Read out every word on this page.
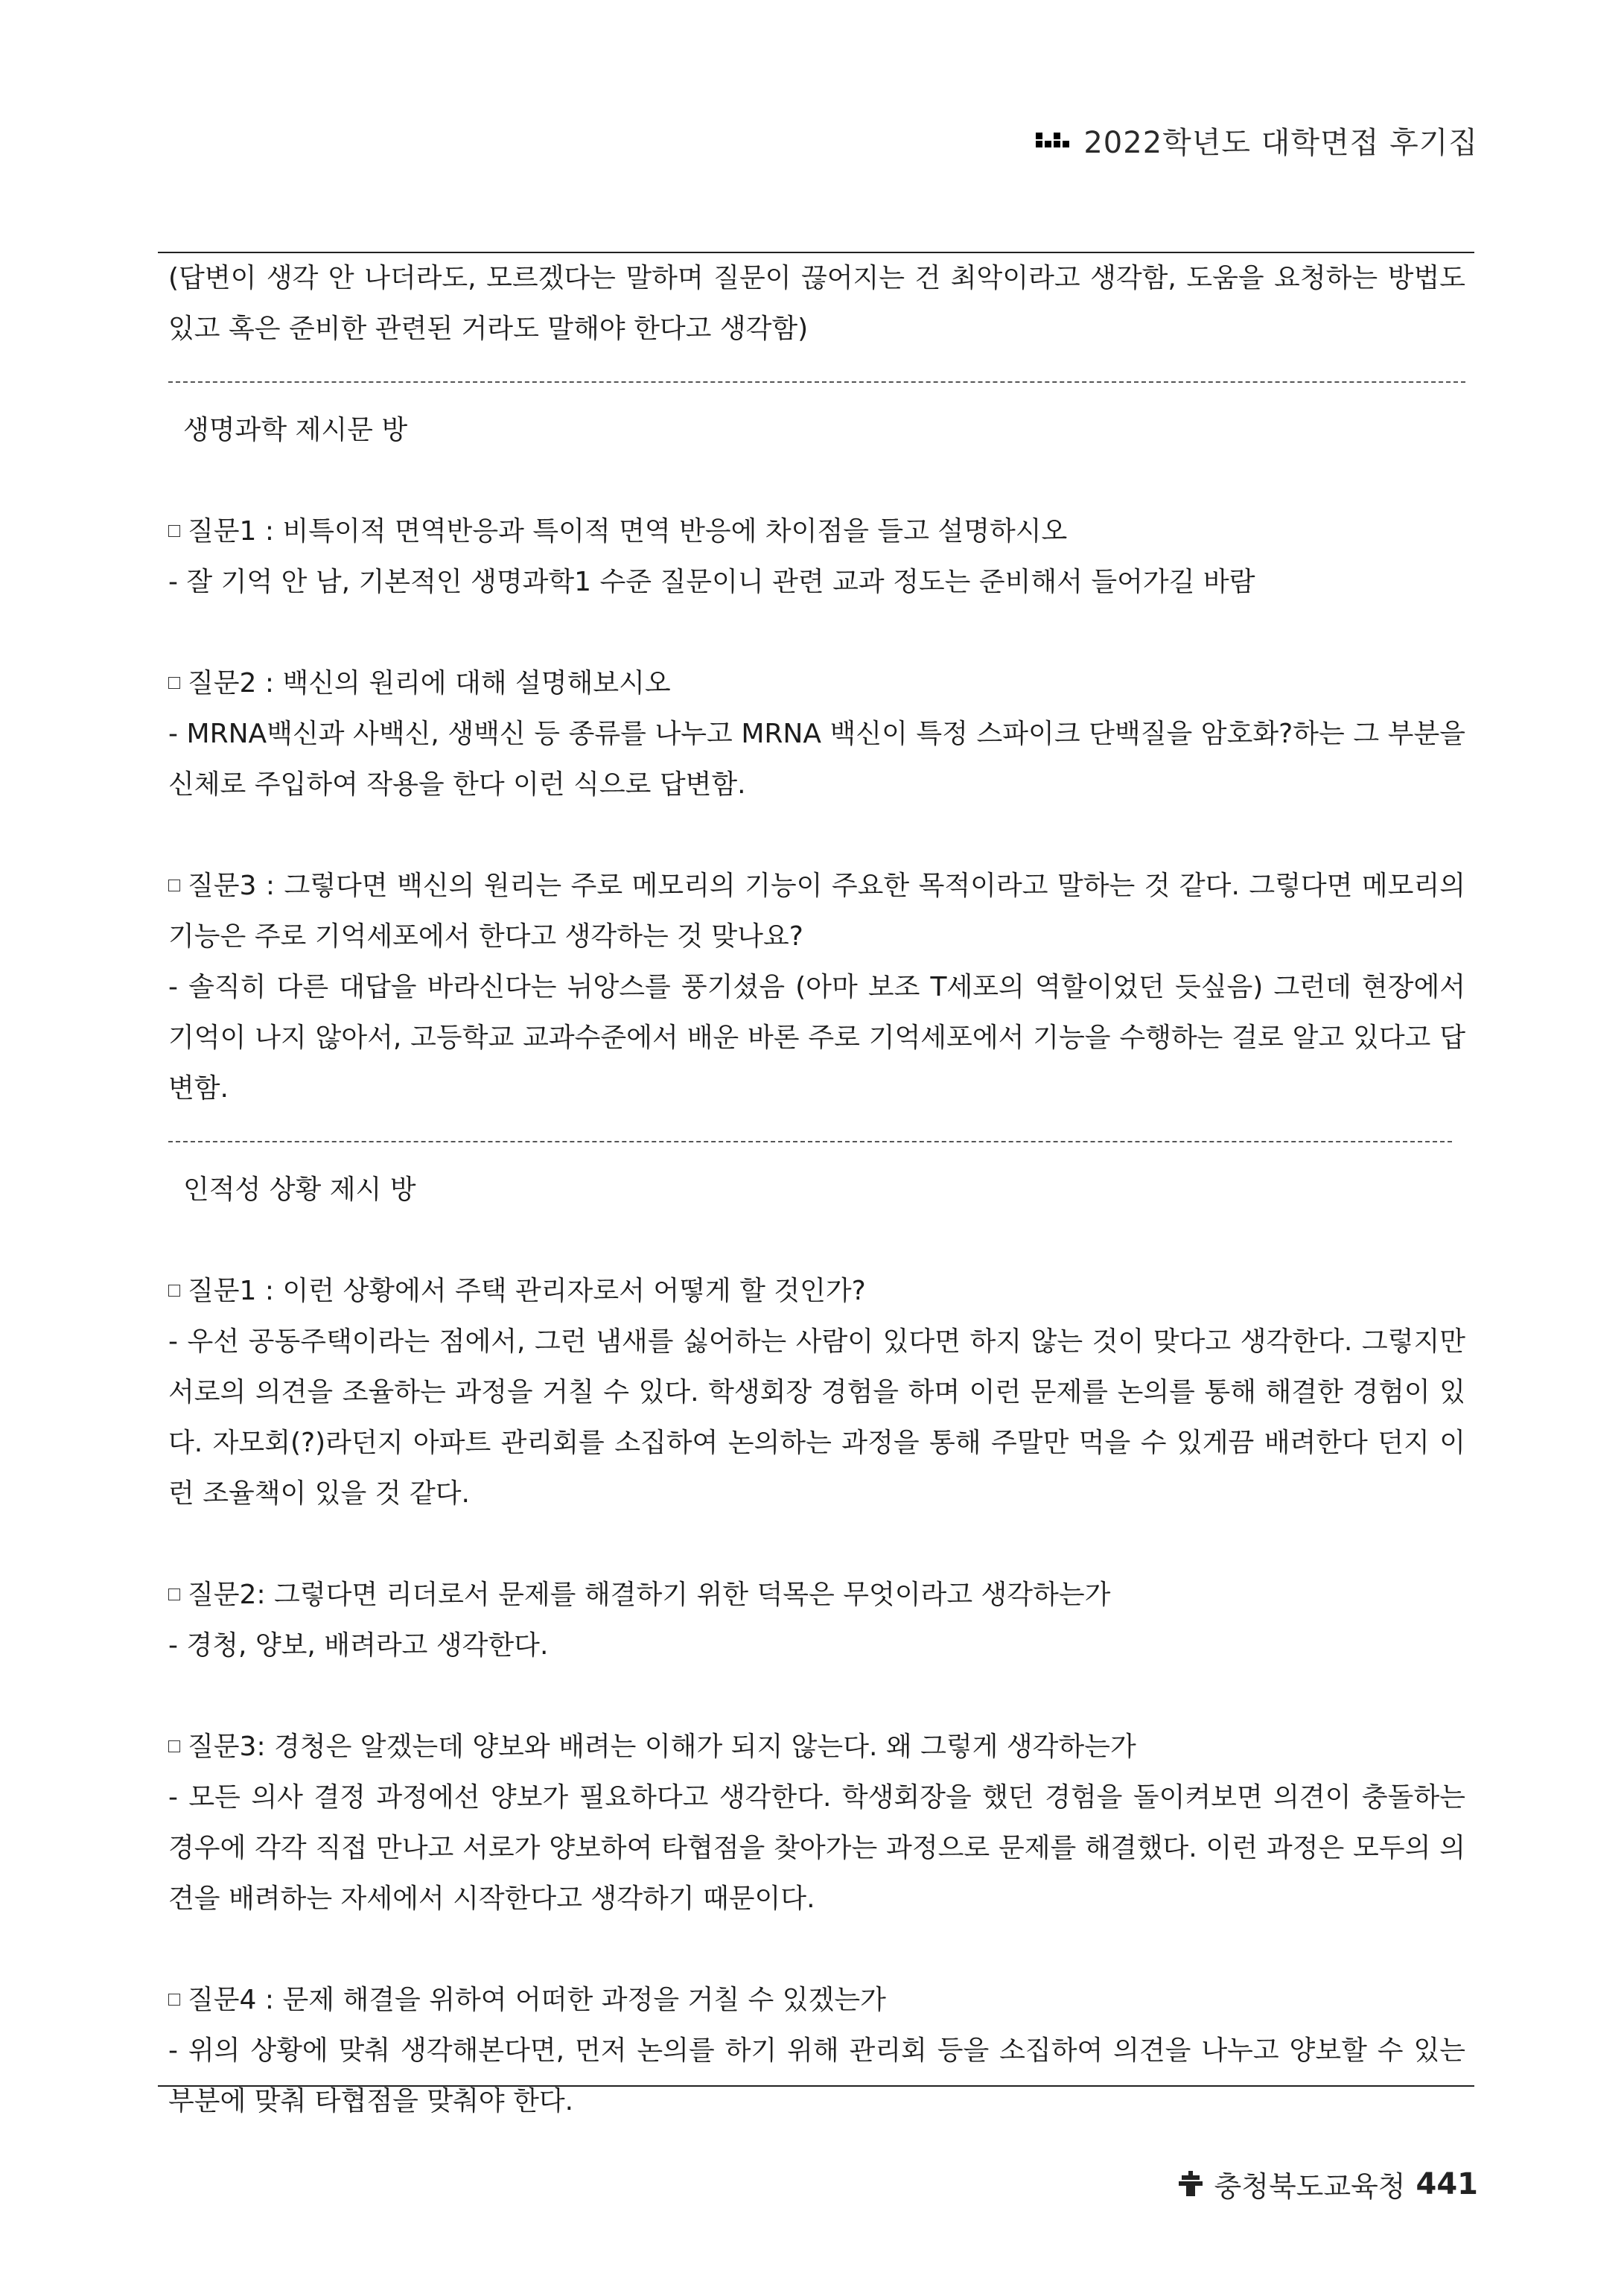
2022학년도 대학면접 후기집

(답변이 생각 안 나더라도, 모르겠다는 말하며 질문이 끊어지는 건 최악이라고 생각함, 도움을 요청하는 방법도 있고 혹은 준비한 관련된 거라도 말해야 한다고 생각함)

생명과학 제시문 방

질문1 : 비특이적 면역반응과 특이적 면역 반응에 차이점을 들고 설명하시오

- 잘 기억 안 남, 기본적인 생명과학1 수준 질문이니 관련 교과 정도는 준비해서 들어가길 바람

질문2 : 백신의 원리에 대해 설명해보시오

- MRNA백신과 사백신, 생백신 등 종류를 나누고 MRNA 백신이 특정 스파이크 단백질을 암호화?하는 그 부분을 신체로 주입하여 작용을 한다 이런 식으로 답변함.

질문3 : 그렇다면 백신의 원리는 주로 메모리의 기능이 주요한 목적이라고 말하는 것 같다. 그렇다면 메모리의 기능은 주로 기억세포에서 한다고 생각하는 것 맞나요?

- 솔직히 다른 대답을 바라신다는 뉘앙스를 풍기셨음 (아마 보조 T세포의 역할이었던 듯싶음) 그런데 현장에서 기억이 나지 않아서, 고등학교 교과수준에서 배운 바론 주로 기억세포에서 기능을 수행하는 걸로 알고 있다고 답변함.

인적성 상황 제시 방

질문1 : 이런 상황에서 주택 관리자로서 어떻게 할 것인가?

- 우선 공동주택이라는 점에서, 그런 냄새를 싫어하는 사람이 있다면 하지 않는 것이 맞다고 생각한다. 그렇지만 서로의 의견을 조율하는 과정을 거칠 수 있다. 학생회장 경험을 하며 이런 문제를 논의를 통해 해결한 경험이 있다. 자모회(?)라던지 아파트 관리회를 소집하여 논의하는 과정을 통해 주말만 먹을 수 있게끔 배려한다 던지 이런 조율책이 있을 것 같다.

질문2: 그렇다면 리더로서 문제를 해결하기 위한 덕목은 무엇이라고 생각하는가

- 경청, 양보, 배려라고 생각한다.

질문3: 경청은 알겠는데 양보와 배려는 이해가 되지 않는다. 왜 그렇게 생각하는가

- 모든 의사 결정 과정에선 양보가 필요하다고 생각한다. 학생회장을 했던 경험을 돌이켜보면 의견이 충돌하는 경우에 각각 직접 만나고 서로가 양보하여 타협점을 찾아가는 과정으로 문제를 해결했다. 이런 과정은 모두의 의견을 배려하는 자세에서 시작한다고 생각하기 때문이다.

질문4 : 문제 해결을 위하여 어떠한 과정을 거칠 수 있겠는가

- 위의 상황에 맞춰 생각해본다면, 먼저 논의를 하기 위해 관리회 등을 소집하여 의견을 나누고 양보할 수 있는 부분에 맞춰 타협점을 맞춰야 한다.

충청북도교육청 441
